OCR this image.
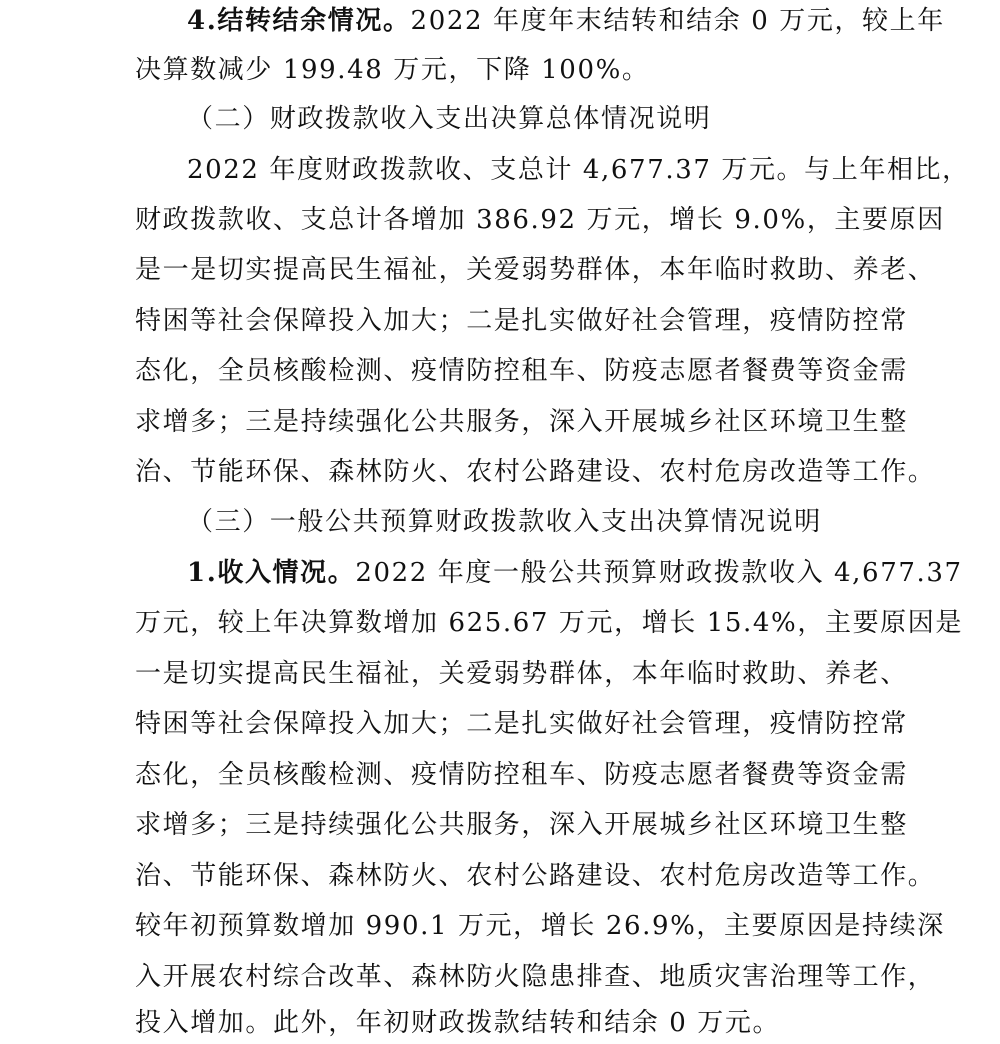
4.结转结余情况。2022 年度年末结转和结余 0 万元，较上年
决算数减少 199.48 万元，下降 100%。
（二）财政拨款收入支出决算总体情况说明
2022 年度财政拨款收、支总计 4,677.37 万元。与上年相比，
财政拨款收、支总计各增加 386.92 万元，增长 9.0%，主要原因
是一是切实提高民生福祉，关爱弱势群体，本年临时救助、养老、
特困等社会保障投入加大；二是扎实做好社会管理，疫情防控常
态化，全员核酸检测、疫情防控租车、防疫志愿者餐费等资金需
求增多；三是持续强化公共服务，深入开展城乡社区环境卫生整
治、节能环保、森林防火、农村公路建设、农村危房改造等工作。
（三）一般公共预算财政拨款收入支出决算情况说明
1.收入情况。2022 年度一般公共预算财政拨款收入 4,677.37
万元，较上年决算数增加 625.67 万元，增长 15.4%，主要原因是
一是切实提高民生福祉，关爱弱势群体，本年临时救助、养老、
特困等社会保障投入加大；二是扎实做好社会管理，疫情防控常
态化，全员核酸检测、疫情防控租车、防疫志愿者餐费等资金需
求增多；三是持续强化公共服务，深入开展城乡社区环境卫生整
治、节能环保、森林防火、农村公路建设、农村危房改造等工作。
较年初预算数增加 990.1 万元，增长 26.9%，主要原因是持续深
入开展农村综合改革、森林防火隐患排查、地质灾害治理等工作，
投入增加。此外，年初财政拨款结转和结余 0 万元。
